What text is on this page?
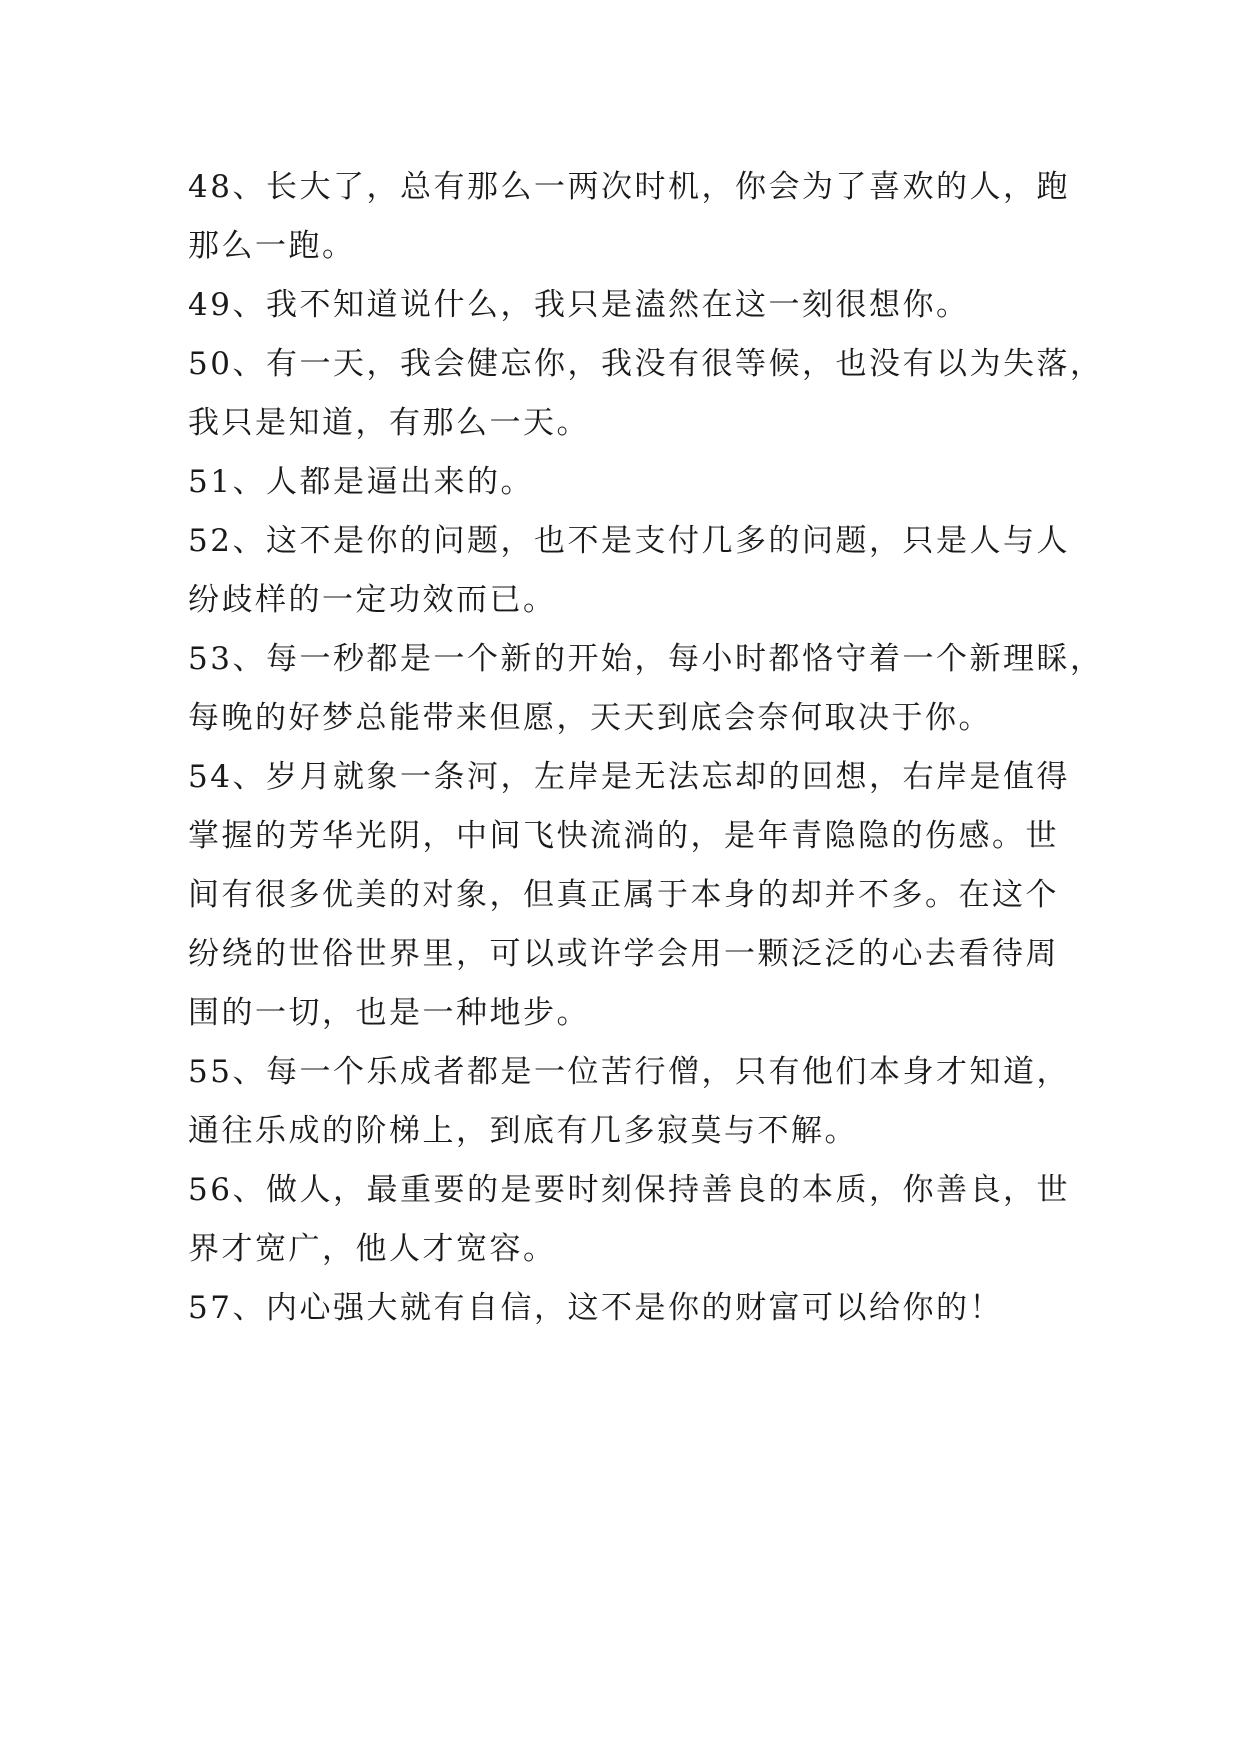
48、长大了，总有那么一两次时机，你会为了喜欢的人，跑
那么一跑。
49、我不知道说什么，我只是溘然在这一刻很想你。
50、有一天，我会健忘你，我没有很等候，也没有以为失落，
我只是知道，有那么一天。
51、人都是逼出来的。
52、这不是你的问题，也不是支付几多的问题，只是人与人
纷歧样的一定功效而已。
53、每一秒都是一个新的开始，每小时都恪守着一个新理睬，
每晚的好梦总能带来但愿，天天到底会奈何取决于你。
54、岁月就象一条河，左岸是无法忘却的回想，右岸是值得
掌握的芳华光阴，中间飞快流淌的，是年青隐隐的伤感。世
间有很多优美的对象，但真正属于本身的却并不多。在这个
纷绕的世俗世界里，可以或许学会用一颗泛泛的心去看待周
围的一切，也是一种地步。
55、每一个乐成者都是一位苦行僧，只有他们本身才知道，
通往乐成的阶梯上，到底有几多寂莫与不解。
56、做人，最重要的是要时刻保持善良的本质，你善良，世
界才宽广，他人才宽容。
57、内心强大就有自信，这不是你的财富可以给你的！
